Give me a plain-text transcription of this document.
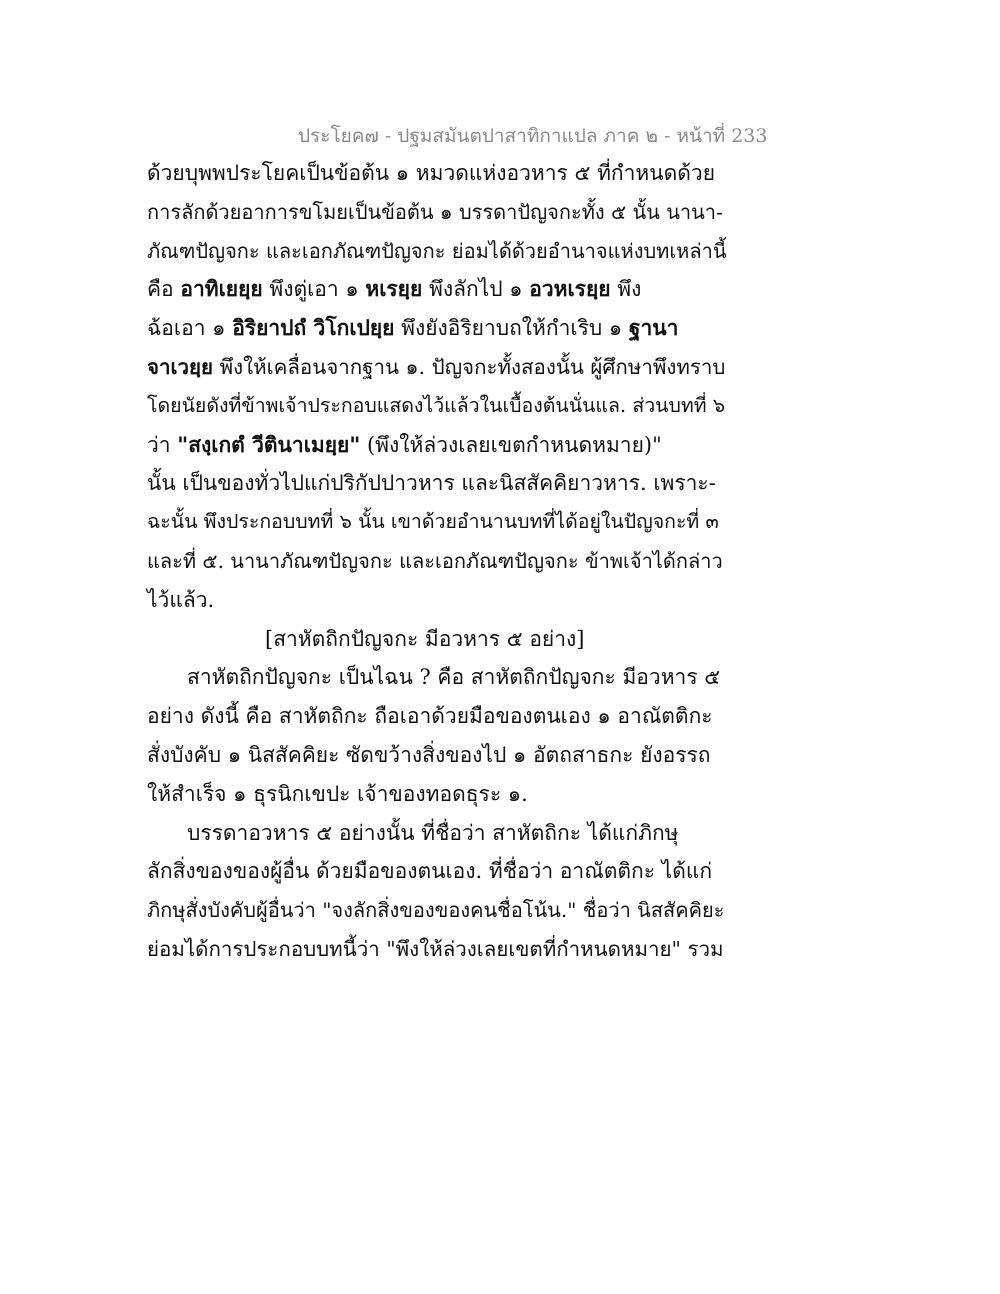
ประโยค๗ - ปฐมสมันตปาสาทิกาแปล ภาค ๒ - หน้าที่ 233
ด้วยบุพพประโยคเป็นข้อต้น ๑ หมวดแห่งอวหาร ๕ ที่กำหนดด้วย
การลักด้วยอาการขโมยเป็นข้อต้น ๑ บรรดาปัญจกะทั้ง ๕ นั้น นานา-
ภัณฑปัญจกะ และเอกภัณฑปัญจกะ ย่อมได้ด้วยอำนาจแห่งบทเหล่านี้
คือ อาทิเยยฺย พึงตู่เอา ๑ หเรยฺย พึงลักไป ๑ อวหเรยฺย พึง
ฉ้อเอา ๑ อิริยาปถํ วิโกเปยฺย พึงยังอิริยาบถให้กำเริบ ๑ ฐานา
จาเวยฺย พึงให้เคลื่อนจากฐาน ๑. ปัญจกะทั้งสองนั้น ผู้ศึกษาพึงทราบ
โดยนัยดังที่ข้าพเจ้าประกอบแสดงไว้แล้วในเบื้องต้นนั่นแล. ส่วนบทที่ ๖
ว่า "สงฺเกตํ วีตินาเมยฺย" (พึงให้ล่วงเลยเขตกำหนดหมาย)"
นั้น เป็นของทั่วไปแก่ปริกัปปาวหาร และนิสสัคคิยาวหาร. เพราะ-
ฉะนั้น พึงประกอบบทที่ ๖ นั้น เขาด้วยอำนานบทที่ได้อยู่ในปัญจกะที่ ๓
และที่ ๕. นานาภัณฑปัญจกะ และเอกภัณฑปัญจกะ ข้าพเจ้าได้กล่าว
ไว้แล้ว.
[สาหัตถิกปัญจกะ มีอวหาร ๕ อย่าง]
สาหัตถิกปัญจกะ เป็นไฉน ? คือ สาหัตถิกปัญจกะ มีอวหาร ๕
อย่าง ดังนี้ คือ สาหัตถิกะ ถือเอาด้วยมือของตนเอง ๑ อาณัตติกะ
สั่งบังคับ ๑ นิสสัคคิยะ ซัดขว้างสิ่งของไป ๑ อัตถสาธกะ ยังอรรถ
ให้สำเร็จ ๑ ธุรนิกเขปะ เจ้าของทอดธุระ ๑.
บรรดาอวหาร ๕ อย่างนั้น ที่ชื่อว่า สาหัตถิกะ ได้แก่ภิกษุ
ลักสิ่งของของผู้อื่น ด้วยมือของตนเอง. ที่ชื่อว่า อาณัตติกะ ได้แก่
ภิกษุสั่งบังคับผู้อื่นว่า "จงลักสิ่งของของคนชื่อโน้น." ชื่อว่า นิสสัคคิยะ
ย่อมได้การประกอบบทนี้ว่า "พึงให้ล่วงเลยเขตที่กำหนดหมาย" รวม
